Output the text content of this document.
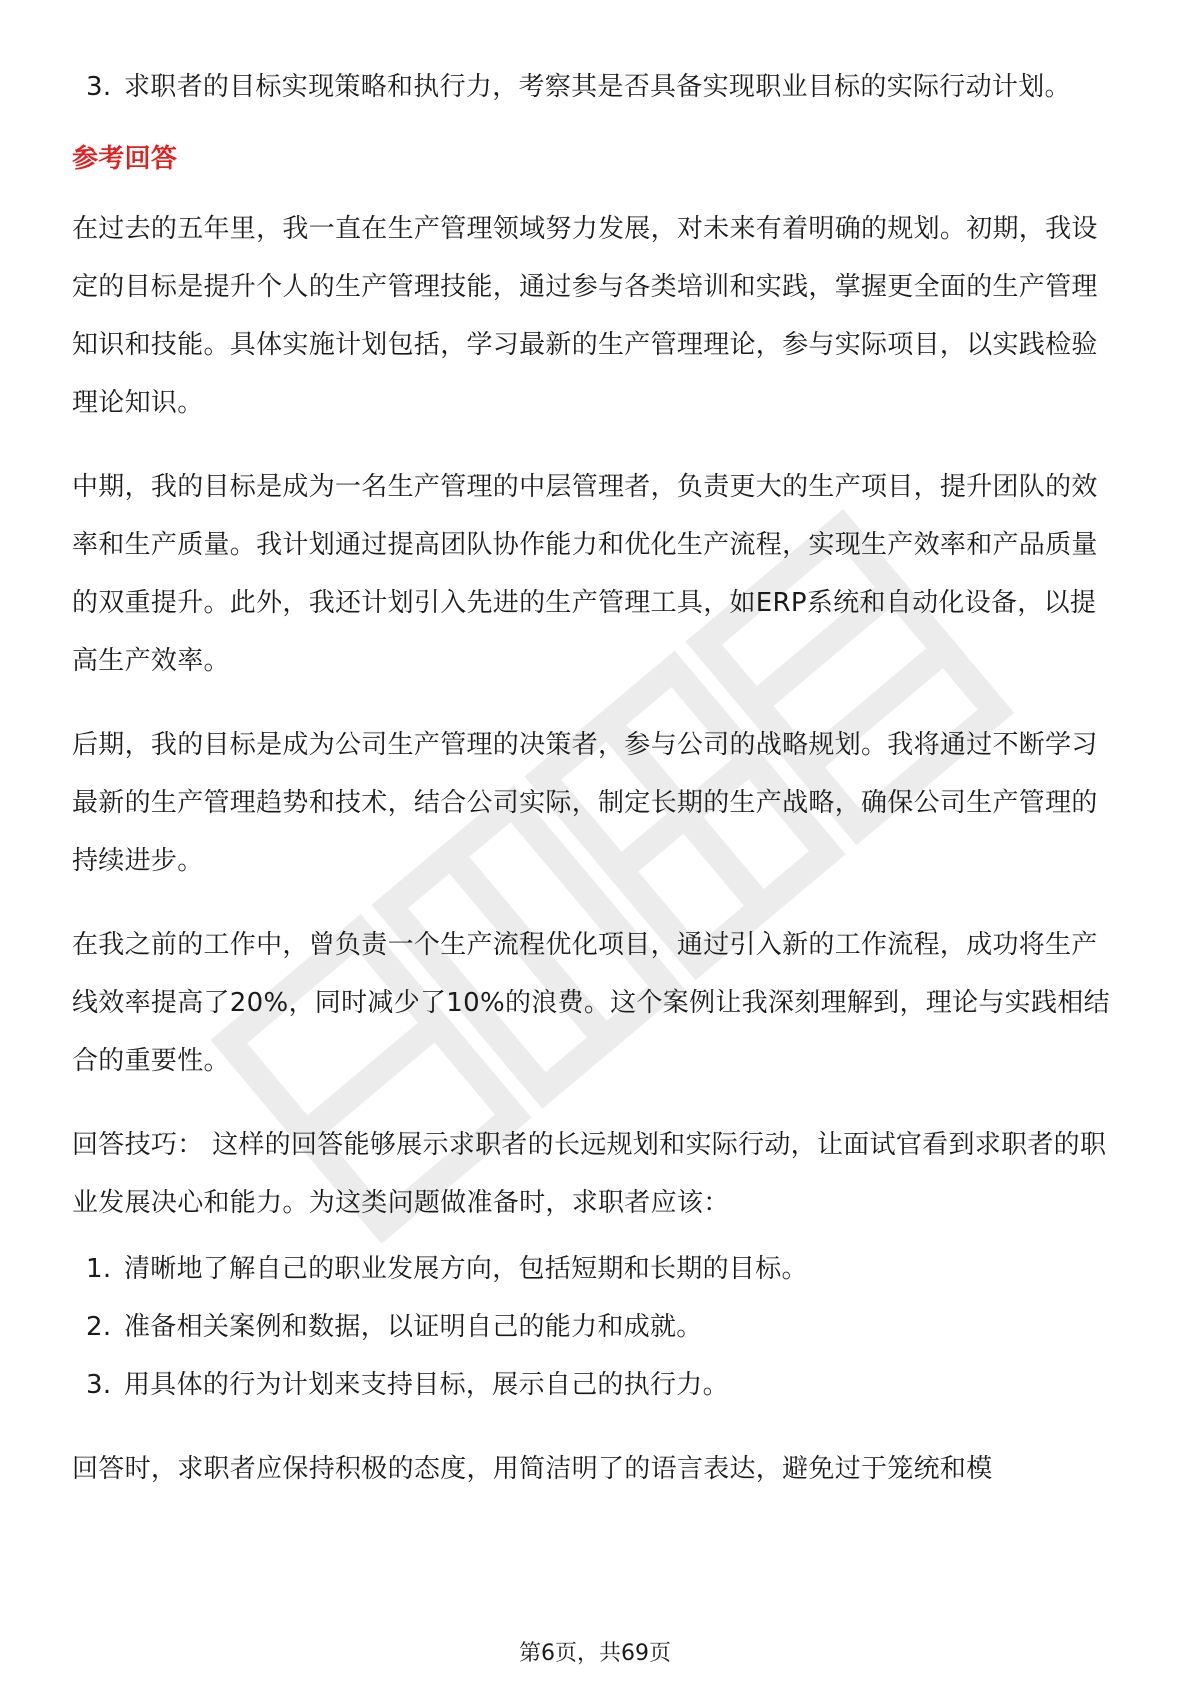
3. 求职者的目标实现策略和执行力，考察其是否具备实现职业目标的实际行动计划。
参考回答

在过去的五年里，我一直在生产管理领域努力发展，对未来有着明确的规划。初期，我设定的目标是提升个人的生产管理技能，通过参与各类培训和实践，掌握更全面的生产管理知识和技能。具体实施计划包括，学习最新的生产管理理论，参与实际项目，以实践检验理论知识。

中期，我的目标是成为一名生产管理的中层管理者，负责更大的生产项目，提升团队的效率和生产质量。我计划通过提高团队协作能力和优化生产流程，实现生产效率和产品质量的双重提升。此外，我还计划引入先进的生产管理工具，如ERP系统和自动化设备，以提高生产效率。

后期，我的目标是成为公司生产管理的决策者，参与公司的战略规划。我将通过不断学习最新的生产管理趋势和技术，结合公司实际，制定长期的生产战略，确保公司生产管理的持续进步。

在我之前的工作中，曾负责一个生产流程优化项目，通过引入新的工作流程，成功将生产线效率提高了20%，同时减少了10%的浪费。这个案例让我深刻理解到，理论与实践相结合的重要性。

回答技巧： 这样的回答能够展示求职者的长远规划和实际行动，让面试官看到求职者的职业发展决心和能力。为这类问题做准备时，求职者应该：

1. 清晰地了解自己的职业发展方向，包括短期和长期的目标。
2. 准备相关案例和数据，以证明自己的能力和成就。
3. 用具体的行为计划来支持目标，展示自己的执行力。

回答时，求职者应保持积极的态度，用简洁明了的语言表达，避免过于笼统和模

第6页，共69页
